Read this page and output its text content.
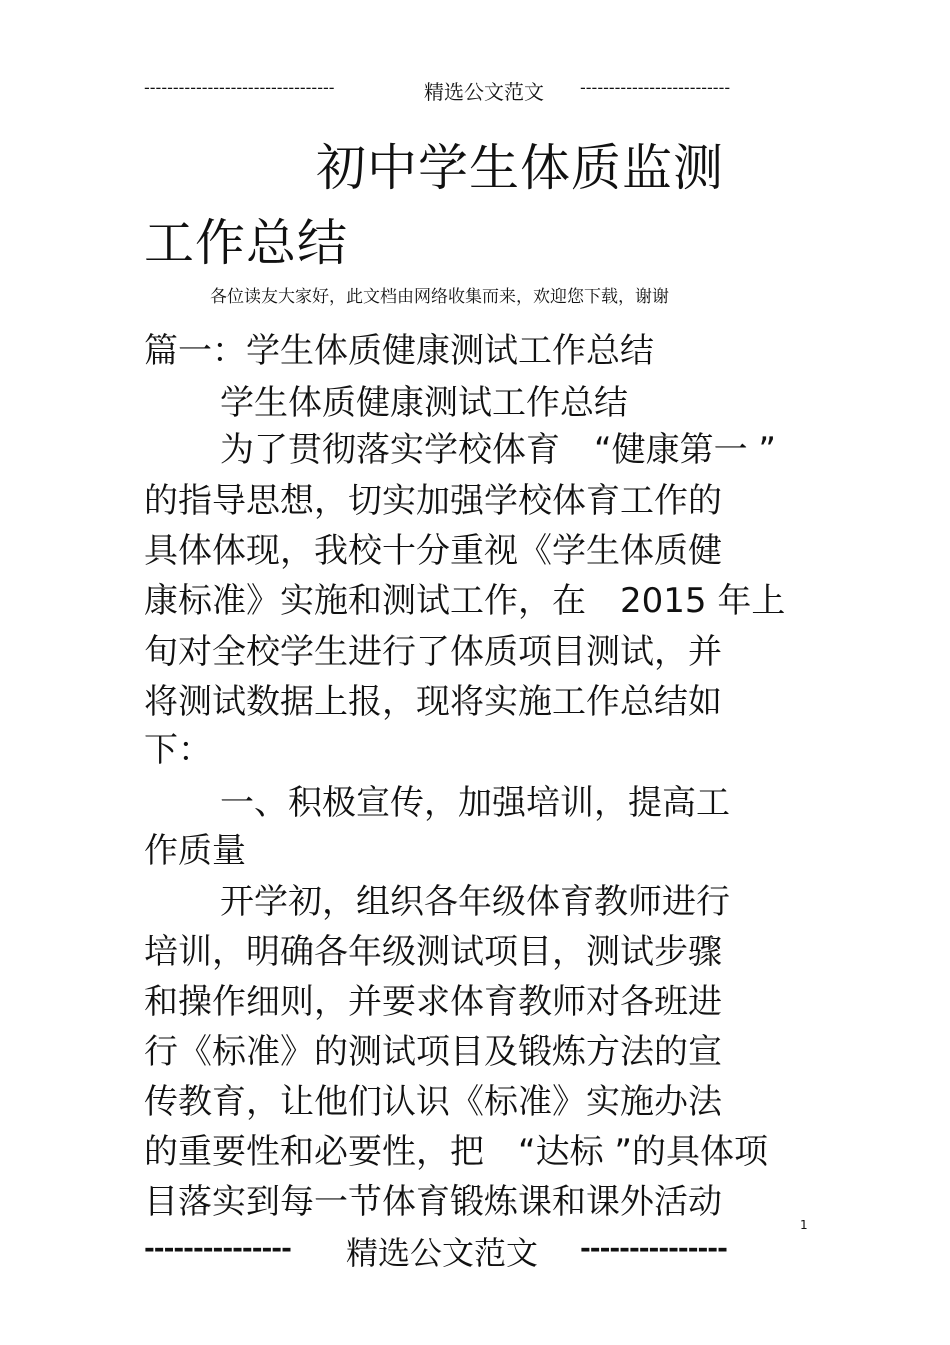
---------------------------------	精选公文范文 --------------------------
初中学生体质监测
工作总结
各位读友大家好，此文档由网络收集而来，欢迎您下载，谢谢
篇一：学生体质健康测试工作总结
学生体质健康测试工作总结
为了贯彻落实学校体育　“健康第一 ”
的指导思想，切实加强学校体育工作的
具体体现，我校十分重视《学生体质健
康标准》实施和测试工作，在　2015 年上
旬对全校学生进行了体质项目测试，并
将测试数据上报，现将实施工作总结如
下：
一、积极宣传，加强培训，提高工
作质量
开学初，组织各年级体育教师进行
培训，明确各年级测试项目，测试步骤
和操作细则，并要求体育教师对各班进
行《标准》的测试项目及锻炼方法的宣
传教育，让他们认识《标准》实施办法
的重要性和必要性，把　“达标 ”的具体项
目落实到每一节体育锻炼课和课外活动
1
--------------- 精选公文范文 ---------------
